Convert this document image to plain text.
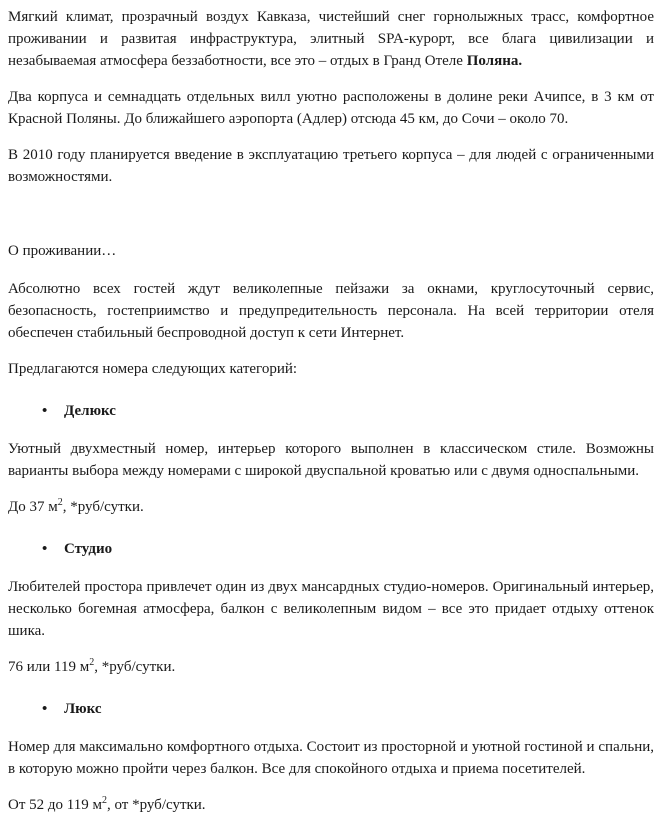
Мягкий климат, прозрачный воздух Кавказа, чистейший снег горнолыжных трасс, комфортное проживании и развитая инфраструктура, элитный SPA-курорт, все блага цивилизации и незабываемая атмосфера беззаботности, все это – отдых в Гранд Отеле Поляна.

Два корпуса и семнадцать отдельных вилл уютно расположены в долине реки Ачипсе, в 3 км от Красной Поляны. До ближайшего аэропорта (Адлер) отсюда 45 км, до Сочи – около 70.

В 2010 году планируется введение в эксплуатацию третьего корпуса – для людей с ограниченными возможностями.

О проживании…

Абсолютно всех гостей ждут великолепные пейзажи за окнами, круглосуточный сервис, безопасность, гостеприимство и предупредительность персонала. На всей территории отеля обеспечен стабильный беспроводной доступ к сети Интернет.

Предлагаются номера следующих категорий:

•	Делюкс

Уютный двухместный номер, интерьер которого выполнен в классическом стиле. Возможны варианты выбора между номерами с широкой двуспальной кроватью или с двумя односпальными.

До 37 $м^2$, *руб/сутки.

•	Студио

Любителей простора привлечет один из двух мансардных студио-номеров. Оригинальный интерьер, несколько богемная атмосфера, балкон с великолепным видом – все это придает отдыху оттенок шика.

76 или 119 $м^2$, *руб/сутки.

•	Люкс

Номер для максимально комфортного отдыха. Состоит из просторной и уютной гостиной и спальни, в которую можно пройти через балкон. Все для спокойного отдыха и приема посетителей.

От 52 до 119 $м^2$, от *руб/сутки.
